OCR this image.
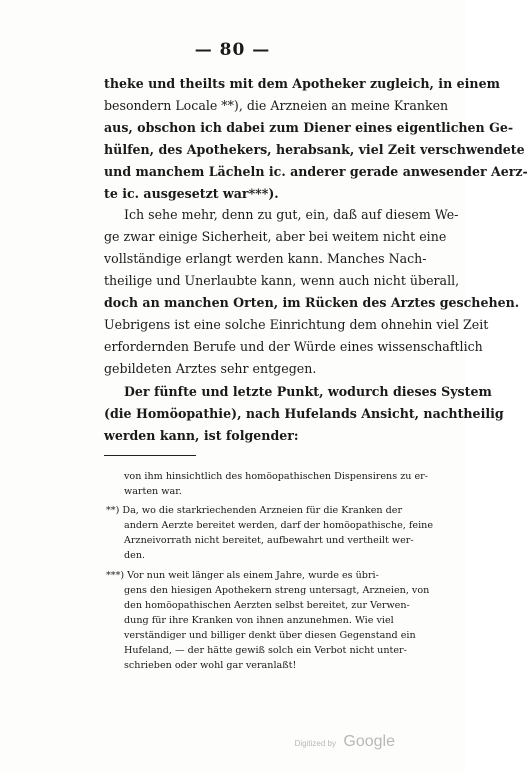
— 80 —
theke und theilts mit dem Apotheker zugleich, in einem
besondern Locale **), die Arzneien an meine Kranken
aus, obschon ich dabei zum Diener eines eigentlichen Ge-
hülfen, des Apothekers, herabsank, viel Zeit verschwendete
und manchem Lächeln ic. anderer gerade anwesender Aerz-
te ic. ausgesetzt war***).
Ich sehe mehr, denn zu gut, ein, daß auf diesem We-
ge zwar einige Sicherheit, aber bei weitem nicht eine
vollständige erlangt werden kann. Manches Nach-
theilige und Unerlaubte kann, wenn auch nicht überall,
doch an manchen Orten, im Rücken des Arztes geschehen.
Uebrigens ist eine solche Einrichtung dem ohnehin viel Zeit
erfordernden Berufe und der Würde eines wissenschaftlich
gebildeten Arztes sehr entgegen.
Der fünfte und letzte Punkt, wodurch dieses System
(die Homöopathie), nach Hufelands Ansicht, nachtheilig
werden kann, ist folgender:
von ihm hinsichtlich des homöopathischen Dispensirens zu er-
warten war.
**) Da, wo die starkriechenden Arzneien für die Kranken der
andern Aerzte bereitet werden, darf der homöopathische, feine
Arzneivorrath nicht bereitet, aufbewahrt und vertheilt wer-
den.
***) Vor nun weit länger als einem Jahre, wurde es übri-
gens den hiesigen Apothekern streng untersagt, Arzneien, von
den homöopathischen Aerzten selbst bereitet, zur Verwen-
dung für ihre Kranken von ihnen anzunehmen. Wie viel
verständiger und billiger denkt über diesen Gegenstand ein
Hufeland, — der hätte gewiß solch ein Verbot nicht unter-
schrieben oder wohl gar veranlaßt!
Digitized by Google
